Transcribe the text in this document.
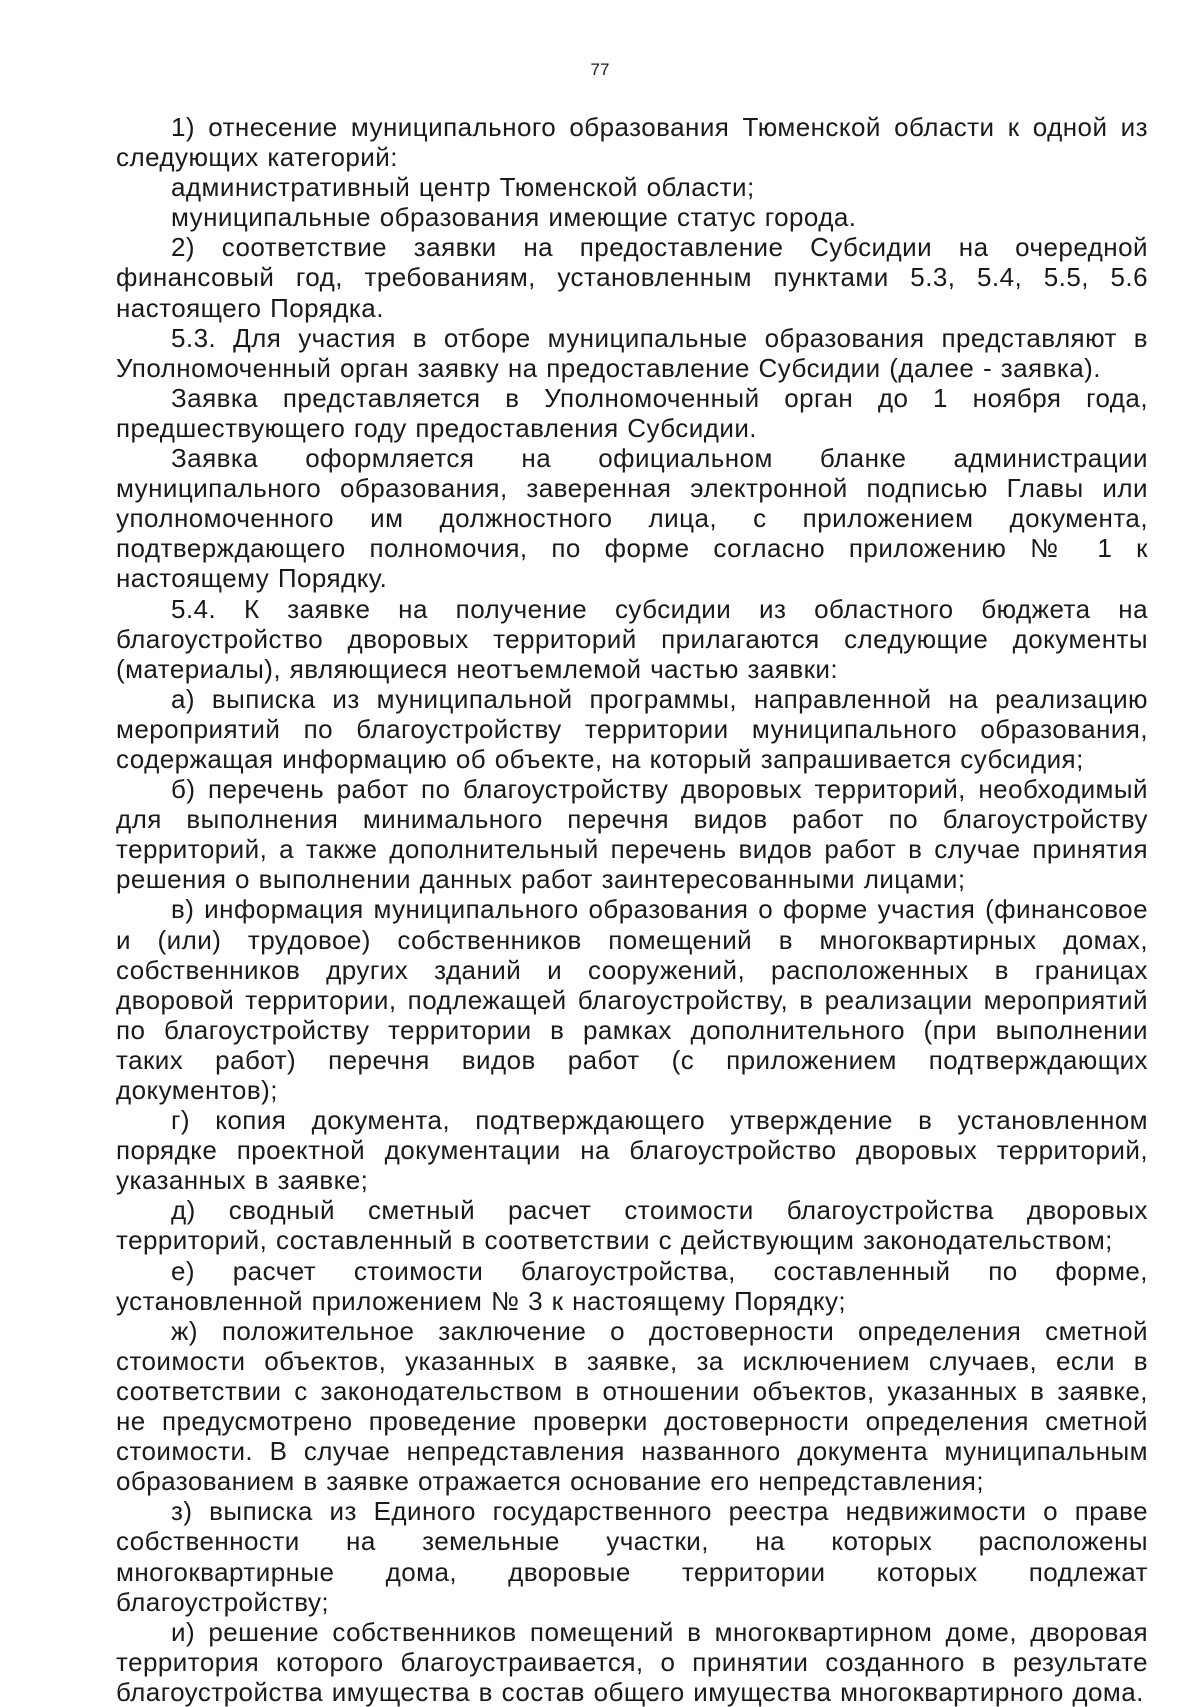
77

1) отнесение муниципального образования Тюменской области к одной из следующих категорий:

административный центр Тюменской области;

муниципальные образования имеющие статус города.

2) соответствие заявки на предоставление Субсидии на очередной финансовый год, требованиям, установленным пунктами 5.3, 5.4, 5.5, 5.6 настоящего Порядка.

5.3. Для участия в отборе муниципальные образования представляют в Уполномоченный орган заявку на предоставление Субсидии (далее - заявка).

Заявка представляется в Уполномоченный орган до 1 ноября года, предшествующего году предоставления Субсидии.

Заявка оформляется на официальном бланке администрации муниципального образования, заверенная электронной подписью Главы или уполномоченного им должностного лица, с приложением документа, подтверждающего полномочия, по форме согласно приложению № 1 к настоящему Порядку.

5.4. К заявке на получение субсидии из областного бюджета на благоустройство дворовых территорий прилагаются следующие документы (материалы), являющиеся неотъемлемой частью заявки:

а) выписка из муниципальной программы, направленной на реализацию мероприятий по благоустройству территории муниципального образования, содержащая информацию об объекте, на который запрашивается субсидия;

б) перечень работ по благоустройству дворовых территорий, необходимый для выполнения минимального перечня видов работ по благоустройству территорий, а также дополнительный перечень видов работ в случае принятия решения о выполнении данных работ заинтересованными лицами;

в) информация муниципального образования о форме участия (финансовое и (или) трудовое) собственников помещений в многоквартирных домах, собственников других зданий и сооружений, расположенных в границах дворовой территории, подлежащей благоустройству, в реализации мероприятий по благоустройству территории в рамках дополнительного (при выполнении таких работ) перечня видов работ (с приложением подтверждающих документов);

г) копия документа, подтверждающего утверждение в установленном порядке проектной документации на благоустройство дворовых территорий, указанных в заявке;

д) сводный сметный расчет стоимости благоустройства дворовых территорий, составленный в соответствии с действующим законодательством;

е) расчет стоимости благоустройства, составленный по форме, установленной приложением № 3 к настоящему Порядку;

ж) положительное заключение о достоверности определения сметной стоимости объектов, указанных в заявке, за исключением случаев, если в соответствии с законодательством в отношении объектов, указанных в заявке, не предусмотрено проведение проверки достоверности определения сметной стоимости. В случае непредставления названного документа муниципальным образованием в заявке отражается основание его непредставления;

з) выписка из Единого государственного реестра недвижимости о праве собственности на земельные участки, на которых расположены многоквартирные дома, дворовые территории которых подлежат благоустройству;

и) решение собственников помещений в многоквартирном доме, дворовая территория которого благоустраивается, о принятии созданного в результате благоустройства имущества в состав общего имущества многоквартирного дома.
